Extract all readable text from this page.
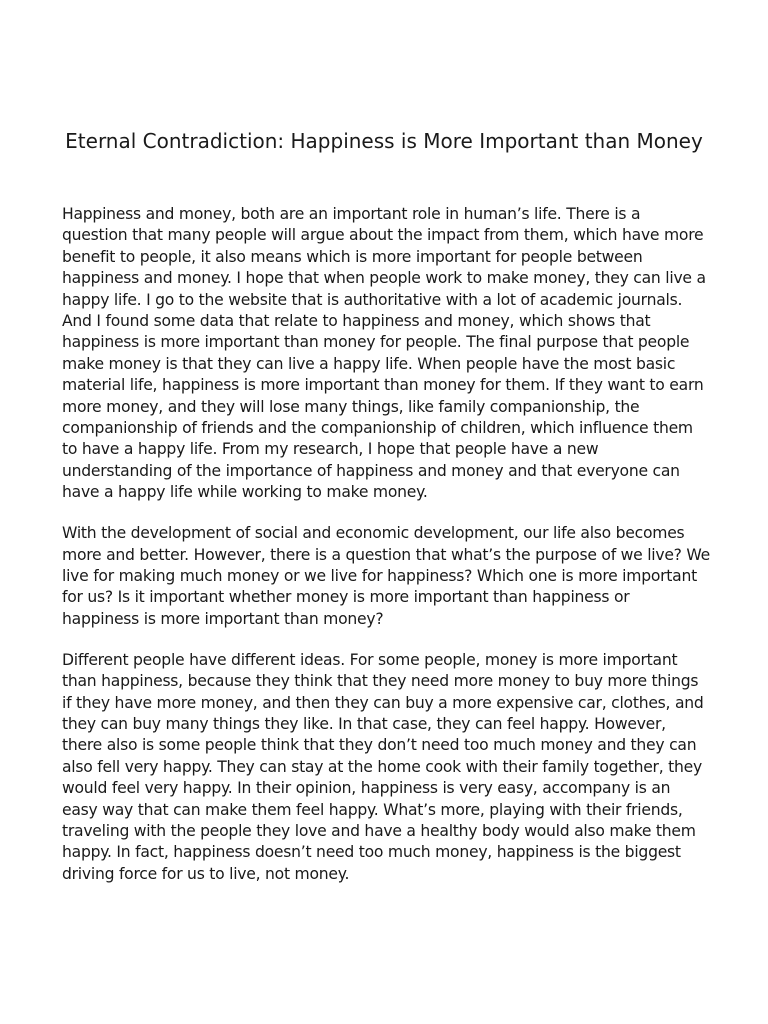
Eternal Contradiction: Happiness is More Important than Money

Happiness and money, both are an important role in human’s life. There is a question that many people will argue about the impact from them, which have more benefit to people, it also means which is more important for people between happiness and money. I hope that when people work to make money, they can live a happy life. I go to the website that is authoritative with a lot of academic journals. And I found some data that relate to happiness and money, which shows that happiness is more important than money for people. The final purpose that people make money is that they can live a happy life. When people have the most basic material life, happiness is more important than money for them. If they want to earn more money, and they will lose many things, like family companionship, the companionship of friends and the companionship of children, which influence them to have a happy life. From my research, I hope that people have a new understanding of the importance of happiness and money and that everyone can have a happy life while working to make money.

With the development of social and economic development, our life also becomes more and better. However, there is a question that what’s the purpose of we live? We live for making much money or we live for happiness? Which one is more important for us? Is it important whether money is more important than happiness or happiness is more important than money?

Different people have different ideas. For some people, money is more important than happiness, because they think that they need more money to buy more things if they have more money, and then they can buy a more expensive car, clothes, and they can buy many things they like. In that case, they can feel happy. However, there also is some people think that they don’t need too much money and they can also fell very happy. They can stay at the home cook with their family together, they would feel very happy. In their opinion, happiness is very easy, accompany is an easy way that can make them feel happy. What’s more, playing with their friends, traveling with the people they love and have a healthy body would also make them happy. In fact, happiness doesn’t need too much money, happiness is the biggest driving force for us to live, not money.
